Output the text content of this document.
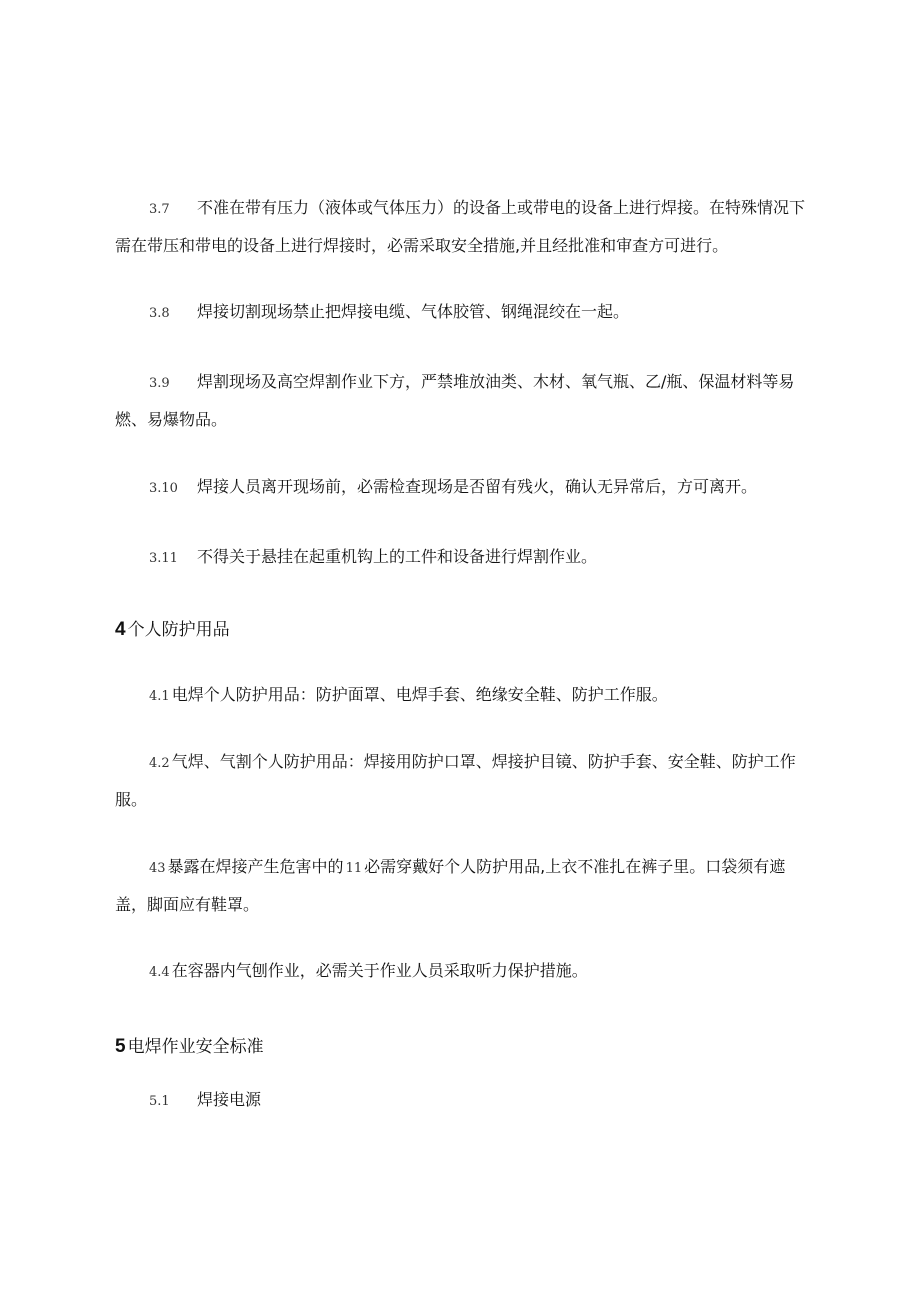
3.7 不准在带有压力（液体或气体压力）的设备上或带电的设备上进行焊接。在特殊情况下需在带压和带电的设备上进行焊接时，必需采取安全措施,并且经批准和审查方可进行。
3.8 焊接切割现场禁止把焊接电缆、气体胶管、钢绳混绞在一起。
3.9 焊割现场及高空焊割作业下方，严禁堆放油类、木材、氧气瓶、乙/瓶、保温材料等易燃、易爆物品。
3.10 焊接人员离开现场前，必需检查现场是否留有残火，确认无异常后，方可离开。
3.11 不得关于悬挂在起重机钩上的工件和设备进行焊割作业。
4 个人防护用品
4.1 电焊个人防护用品：防护面罩、电焊手套、绝缘安全鞋、防护工作服。
4.2 气焊、气割个人防护用品：焊接用防护口罩、焊接护目镜、防护手套、安全鞋、防护工作服。
43 暴露在焊接产生危害中的 11 必需穿戴好个人防护用品,上衣不准扎在裤子里。口袋须有遮盖，脚面应有鞋罩。
4.4 在容器内气刨作业，必需关于作业人员采取听力保护措施。
5 电焊作业安全标准
5.1 焊接电源
